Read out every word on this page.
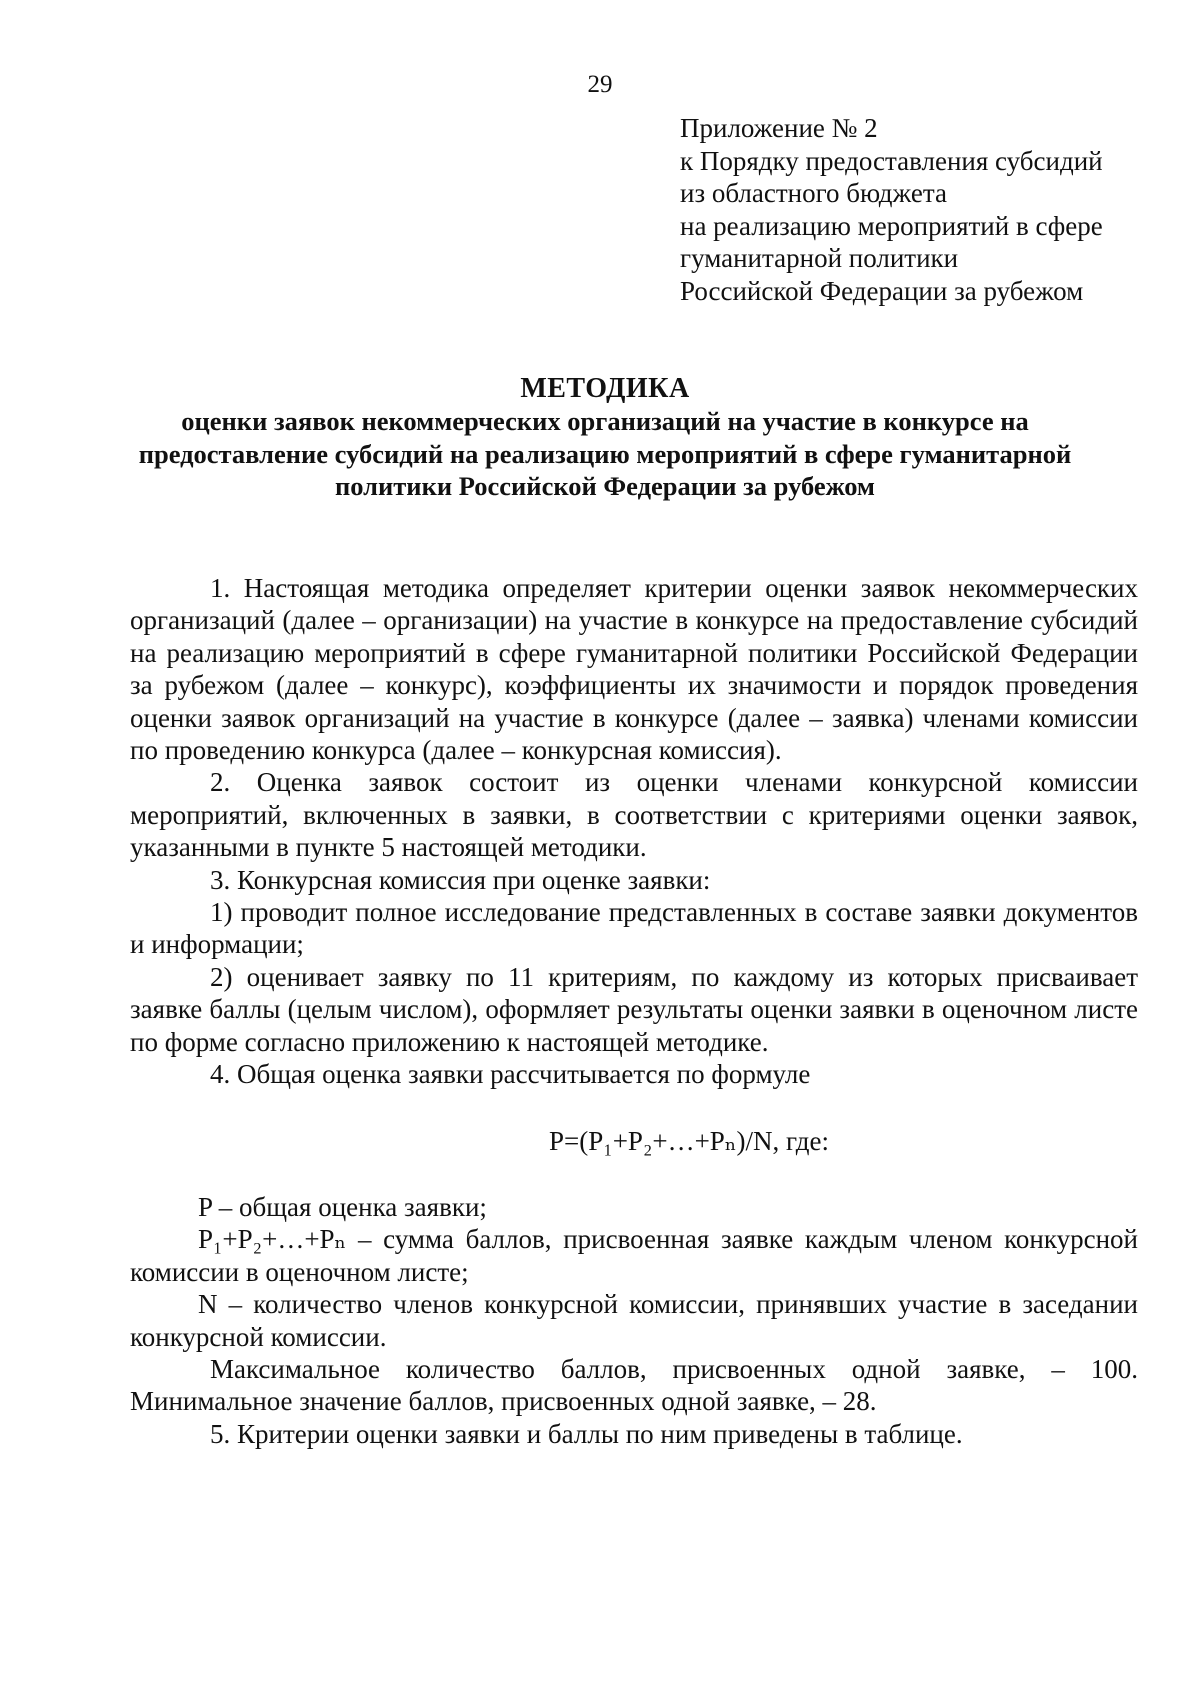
29
Приложение № 2
к Порядку предоставления субсидий
из областного бюджета
на реализацию мероприятий в сфере
гуманитарной политики
Российской Федерации за рубежом
МЕТОДИКА
оценки заявок некоммерческих организаций на участие в конкурсе на предоставление субсидий на реализацию мероприятий в сфере гуманитарной политики Российской Федерации за рубежом

1. Настоящая методика определяет критерии оценки заявок некоммерческих организаций (далее – организации) на участие в конкурсе на предоставление субсидий на реализацию мероприятий в сфере гуманитарной политики Российской Федерации за рубежом (далее – конкурс), коэффициенты их значимости и порядок проведения оценки заявок организаций на участие в конкурсе (далее – заявка) членами комиссии по проведению конкурса (далее – конкурсная комиссия).

2. Оценка заявок состоит из оценки членами конкурсной комиссии мероприятий, включенных в заявки, в соответствии с критериями оценки заявок, указанными в пункте 5 настоящей методики.

3. Конкурсная комиссия при оценке заявки:

1) проводит полное исследование представленных в составе заявки документов и информации;

2) оценивает заявку по 11 критериям, по каждому из которых присваивает заявке баллы (целым числом), оформляет результаты оценки заявки в оценочном листе по форме согласно приложению к настоящей методике.

4. Общая оценка заявки рассчитывается по формуле

P=(P₁+P₂+…+Pₙ)/N, где:

P – общая оценка заявки;

P₁+P₂+…+Pₙ – сумма баллов, присвоенная заявке каждым членом конкурсной комиссии в оценочном листе;

N – количество членов конкурсной комиссии, принявших участие в заседании конкурсной комиссии.

Максимальное количество баллов, присвоенных одной заявке, – 100. Минимальное значение баллов, присвоенных одной заявке, – 28.

5. Критерии оценки заявки и баллы по ним приведены в таблице.
